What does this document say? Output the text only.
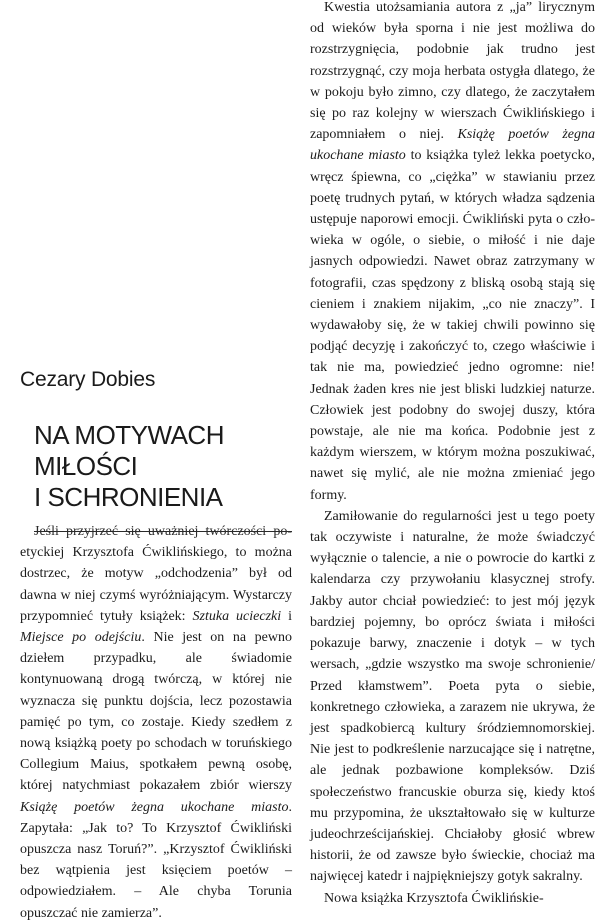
Cezary Dobies
NA MOTYWACH
MIŁOŚCI
I SCHRONIENIA

Jeśli przyjrzeć się uważniej twórczości po-etyckiej Krzysztofa Ćwiklińskiego, to można dostrzec, że motyw „odchodzenia” był od dawna w niej czymś wyróżniającym. Wystarczy przypomnieć tytuły książek: Sztuka ucieczki i Miejsce po odejściu. Nie jest on na pewno dziełem przypadku, ale świadomie kontynuowaną drogą twórczą, w której nie wyznacza się punktu dojścia, lecz pozostawia pamięć po tym, co zostaje. Kiedy szedłem z nową książką poety po schodach w toruńskiego Collegium Maius, spotkałem pewną osobę, której natychmiast pokazałem zbiór wierszy Książę poetów żegna ukochane miasto. Zapytała: „Jak to? To Krzysztof Ćwikliński opuszcza nasz Toruń?”. „Krzysztof Ćwikliński bez wątpienia jest księciem poetów – odpowiedziałem. – Ale chyba Torunia opuszczać nie zamierza”.

Kwestia utożsamiania autora z „ja” lirycznym od wieków była sporna i nie jest możliwa do rozstrzygnięcia, podobnie jak trudno jest rozstrzygnąć, czy moja herbata ostygła dlatego, że w pokoju było zimno, czy dlatego, że zaczytałem się po raz kolejny w wierszach Ćwiklińskiego i zapomniałem o niej. Książę poetów żegna ukochane miasto to książka tyleż lekka poetycko, wręcz śpiewna, co „ciężka” w stawianiu przez poetę trudnych pytań, w których władza sądzenia ustępuje naporowi emocji. Ćwikliński pyta o człowieka w ogóle, o siebie, o miłość i nie daje jasnych odpowiedzi. Nawet obraz zatrzymany w fotografii, czas spędzony z bliską osobą stają się cieniem i znakiem nijakim, „co nie znaczy”. I wydawałoby się, że w takiej chwili powinno się podjąć decyzję i zakończyć to, czego właściwie i tak nie ma, powiedzieć jedno ogromne: nie! Jednak żaden kres nie jest bliski ludzkiej naturze. Człowiek jest podobny do swojej duszy, która powstaje, ale nie ma końca. Podobnie jest z każdym wierszem, w którym można poszukiwać, nawet się mylić, ale nie można zmieniać jego formy.

Zamiłowanie do regularności jest u tego poety tak oczywiste i naturalne, że może świadczyć wyłącznie o talencie, a nie o powrocie do kartki z kalendarza czy przywołaniu klasycznej strofy. Jakby autor chciał powiedzieć: to jest mój język bardziej pojemny, bo oprócz świata i miłości pokazuje barwy, znaczenie i dotyk – w tych wersach, „gdzie wszystko ma swoje schronienie/ Przed kłamstwem”. Poeta pyta o siebie, konkretnego człowieka, a zarazem nie ukrywa, że jest spadkobiercą kultury śródziemnomorskiej. Nie jest to podkreślenie narzucające się i natrętne, ale jednak pozbawione kompleksów. Dziś społeczeństwo francuskie oburza się, kiedy ktoś mu przypomina, że ukształtowało się w kulturze judeochrześcijańskiej. Chciałoby głosić wbrew historii, że od zawsze było świeckie, chociaż ma najwięcej katedr i najpiękniejszy gotyk sakralny.

Nowa książka Krzysztofa Ćwiklińskie-
